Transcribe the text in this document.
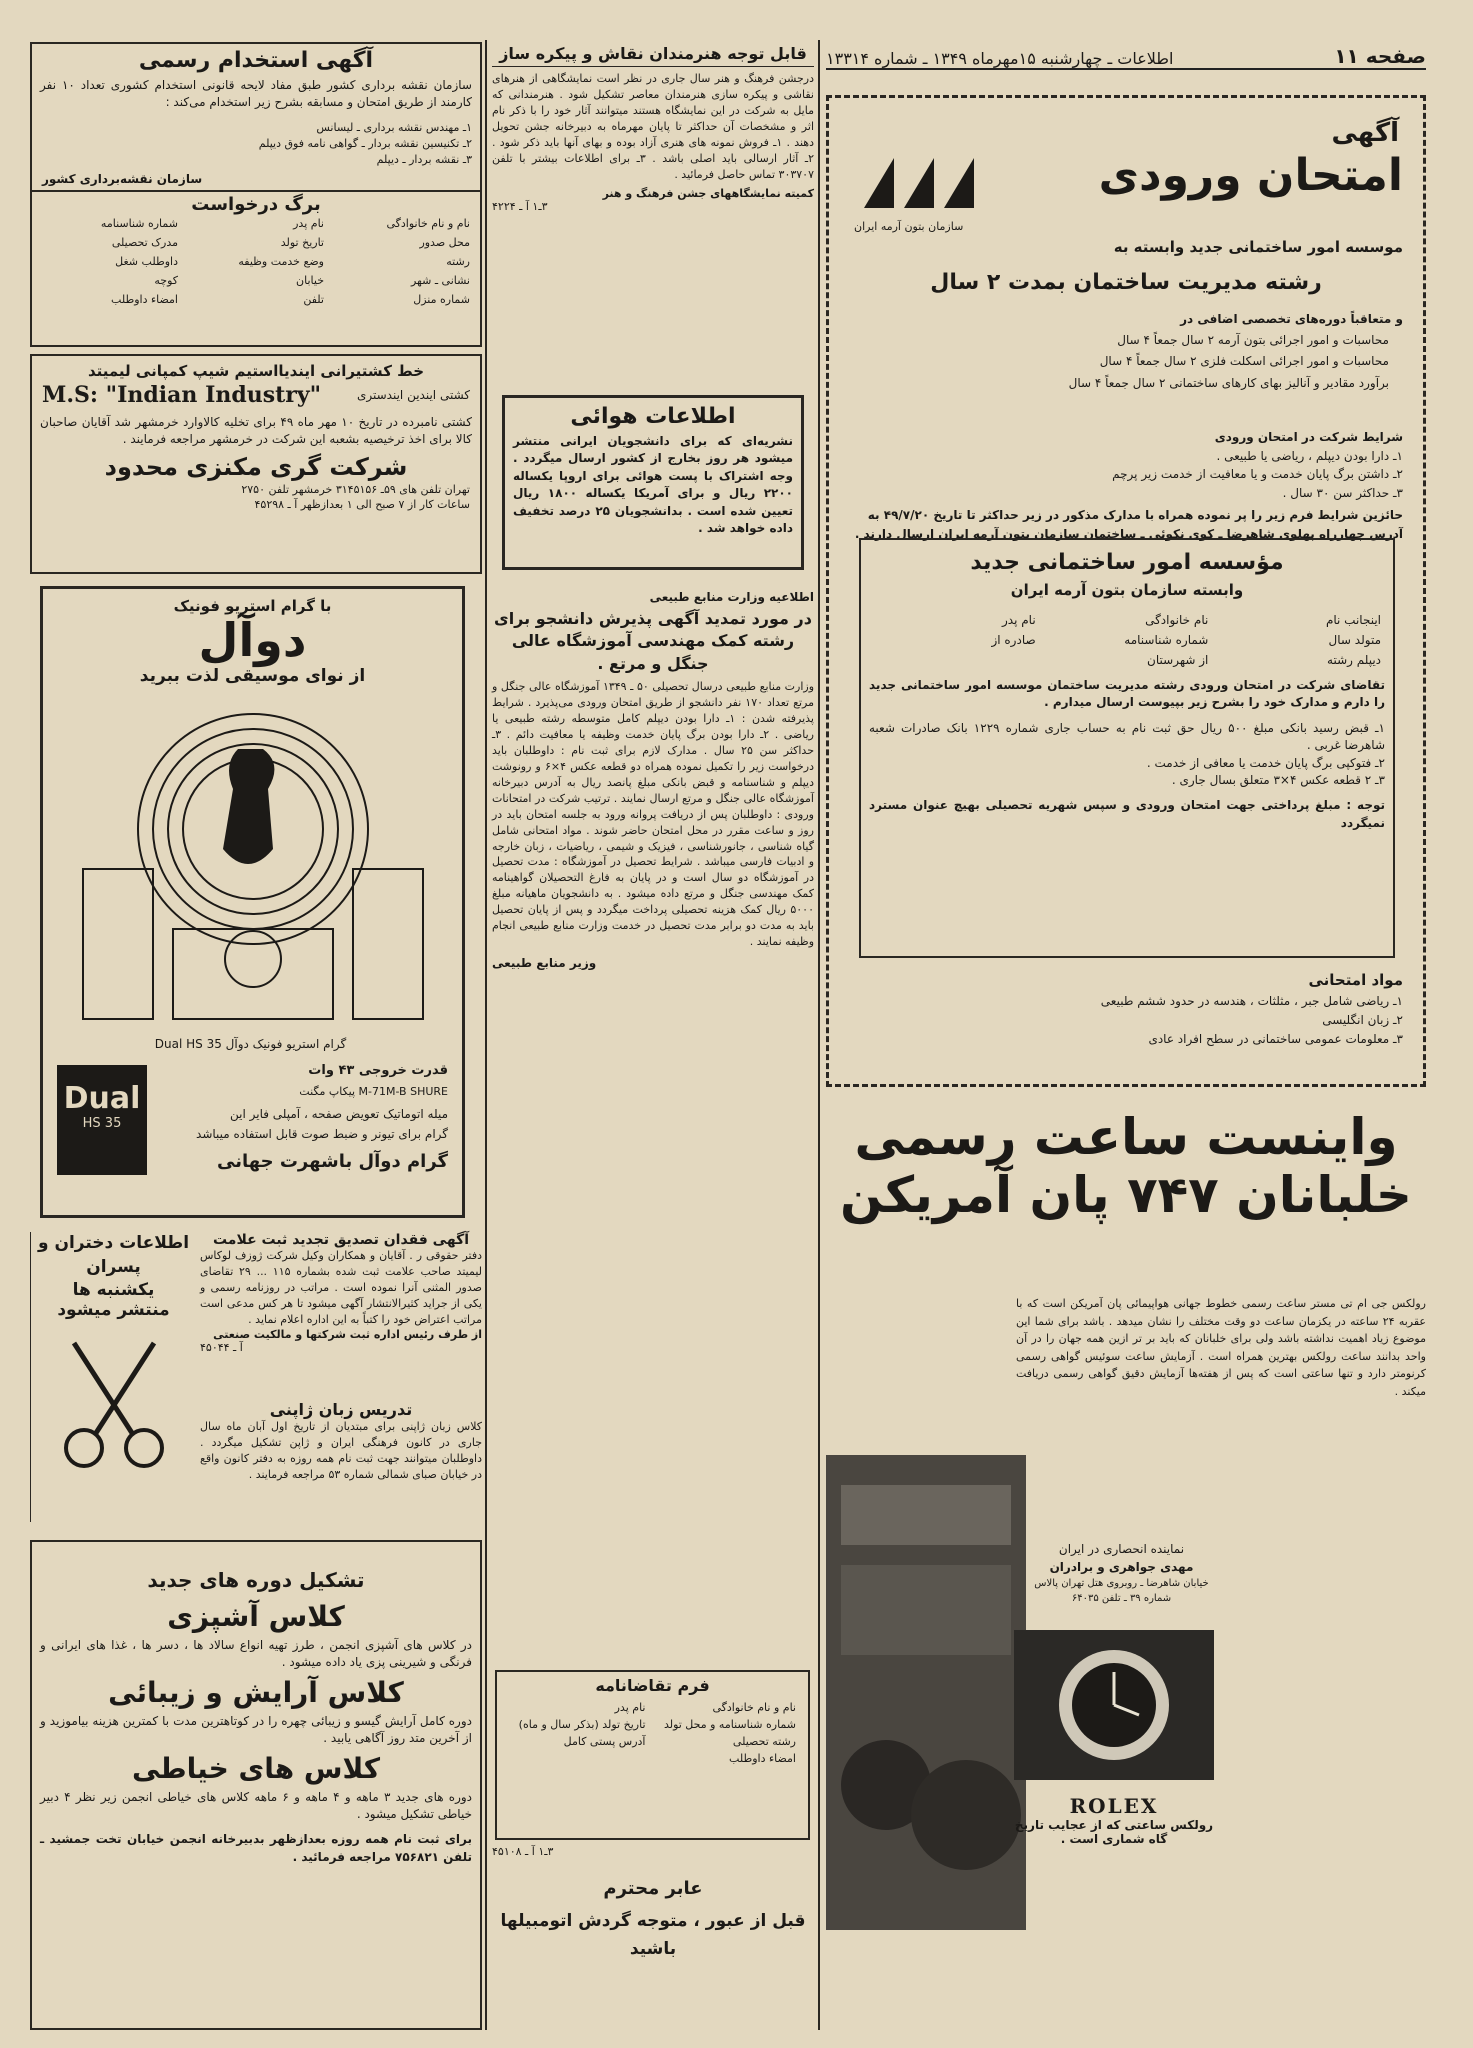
صفحه ۱۱
اطلاعات ـ چهارشنبه ۱۵مهرماه ۱۳۴۹ ـ شماره ۱۳۳۱۴
آگهی
امتحان ورودی
سازمان بتون آرمه ایران
موسسه امور ساختمانی جدید وابسته به
رشته مدیریت ساختمان بمدت ۲ سال
و متعاقباً دوره‌های تخصصی اضافی در
محاسبات و امور اجرائی بتون آرمه ۲ سال جمعاً ۴ سال
محاسبات و امور اجرائی اسکلت فلزی ۲ سال جمعاً ۴ سال
برآورد مقادیر و آنالیز بهای کارهای ساختمانی ۲ سال جمعاً ۴ سال
شرایط شرکت در امتحان ورودی
۱ـ دارا بودن دیپلم ، ریاضی یا طبیعی .
۲ـ داشتن برگ پایان خدمت و یا معافیت از خدمت زیر پرچم
۳ـ حداکثر سن ۳۰ سال .
حائزین شرایط فرم زیر را پر نموده همراه با مدارک مذکور در زیر حداکثر تا تاریخ ۴۹/۷/۲۰ به آدرس چهارراه پهلوی شاهرضا ـ کوی نکوئی ـ ساختمان سازمان بتون آرمه ایران ارسال دارند .
مؤسسه امور ساختمانی جدید
وابسته سازمان بتون آرمه ایران
اینجانب نام
نام خانوادگی
نام پدر
متولد سال
شماره شناسنامه
صادره از
دیپلم رشته
از شهرستان
تقاضای شرکت در امتحان ورودی رشته مدیریت ساختمان موسسه امور ساختمانی جدید را دارم و مدارک خود را بشرح زیر بپیوست ارسال میدارم .
۱ـ قبض رسید بانکی مبلغ ۵۰۰ ریال حق ثبت نام به حساب جاری شماره ۱۲۲۹ بانک صادرات شعبه شاهرضا غربی .
۲ـ فتوکپی برگ پایان خدمت یا معافی از خدمت .
۳ـ ۲ قطعه عکس ۴×۳ متعلق بسال جاری .
توجه : مبلغ پرداختی جهت امتحان ورودی و سپس شهریه تحصیلی بهیچ عنوان مسترد نمیگردد
مواد امتحانی
۱ـ ریاضی شامل جبر ، مثلثات ، هندسه در حدود ششم طبیعی
۲ـ زبان انگلیسی
۳ـ معلومات عمومی ساختمانی در سطح افراد عادی
واینست ساعت رسمی
خلبانان ۷۴۷ پان آمریکن
رولکس جی ام تی مستر ساعت رسمی خطوط جهانی هواپیمائی پان آمریکن است که با عقربه ۲۴ ساعته در یکزمان ساعت دو وقت مختلف را نشان میدهد . باشد برای شما این موضوع زیاد اهمیت نداشته باشد ولی برای خلبانان که باید بر تر ازین همه جهان را در آن واحد بدانند ساعت رولکس بهترین همراه است . آزمایش ساعت سوئیس گواهی رسمی کرنومتر دارد و تنها ساعتی است که پس از هفته‌ها آزمایش دقیق گواهی رسمی دریافت میکند .
نماینده انحصاری در ایران
مهدی جواهری و برادران
خیابان شاهرضا ـ روبروی هتل تهران پالاس شماره ۳۹ ـ تلفن ۶۴۰۳۵
ROLEX
رولکس ساعتی که از عجایب تاریخ گاه شماری است .
آگهی استخدام رسمی
سازمان نقشه برداری کشور طبق مفاد لایحه قانونی استخدام کشوری تعداد ۱۰ نفر کارمند از طریق امتحان و مسابقه بشرح زیر استخدام می‌کند :
۱ـ مهندس نقشه برداری ـ لیسانس
۲ـ تکنیسین نقشه بردار ـ گواهی نامه فوق دیپلم
۳ـ نقشه بردار ـ دیپلم
سازمان نقشه‌برداری کشور
برگ درخواست
نام و نام خانوادگی
نام پدر
شماره شناسنامه
محل صدور
تاریخ تولد
مدرک تحصیلی
رشته
وضع خدمت وظیفه
داوطلب شغل
نشانی ـ شهر
خیابان
کوچه
شماره منزل
تلفن
امضاء داوطلب
خط کشتیرانی ایندیااستیم شیپ کمپانی لیمیتد
کشتی ایندین ایندستری
M.S: "Indian Industry"
کشتی نامبرده در تاریخ ۱۰ مهر ماه ۴۹ برای تخلیه کالاوارد خرمشهر شد آقایان صاحبان کالا برای اخذ ترخیصیه بشعبه این شرکت در خرمشهر مراجعه فرمایند .
شرکت گری مکنزی محدود
تهران تلفن های ۵۹ـ ۳۱۴۵۱۵۶ خرمشهر تلفن ۲۷۵۰
ساعات کار از ۷ صبح الی ۱ بعدازظهر آ ـ ۴۵۲۹۸
با گرام استریو فونیک
دوآل
از نوای موسیقی لذت ببرید
گرام استریو فونیک دوآل Dual HS 35
قدرت خروجی ۴۳ وات
M-71M-B SHURE پیکاپ مگنت
میله اتوماتیک تعویض صفحه ، آمپلی فایر این
گرام برای تیونر و ضبط صوت قابل استفاده میباشد
گرام دوآل باشهرت جهانی
Dual
HS 35
آگهی فقدان تصدیق تجدید ثبت علامت
دفتر حقوقی ر . آقایان و همکاران وکیل شرکت ژوزف لوکاس لیمیتد صاحب علامت ثبت شده بشماره ۱۱۵ ... ۲۹ تقاضای صدور المثنی آنرا نموده است . مراتب در روزنامه رسمی و یکی از جراید کثیرالانتشار آگهی میشود تا هر کس مدعی است مراتب اعتراض خود را کتباً به این اداره اعلام نماید .
از طرف رئیس اداره ثبت شرکتها و مالکیت صنعتی
آ ـ ۴۵۰۴۴
اطلاعات دختران و پسران
یکشنبه ها
منتشر میشود
تدریس زبان ژاپنی
کلاس زبان ژاپنی برای مبتدیان از تاریخ اول آبان ماه سال جاری در کانون فرهنگی ایران و ژاپن تشکیل میگردد . داوطلبان میتوانند جهت ثبت نام همه روزه به دفتر کانون واقع در خیابان صبای شمالی شماره ۵۳ مراجعه فرمایند .
تشکیل دوره های جدید
کلاس آشپزی
در کلاس های آشپزی انجمن ، طرز تهیه انواع سالاد ها ، دسر ها ، غذا های ایرانی و فرنگی و شیرینی پزی یاد داده میشود .
کلاس آرایش و زیبائی
دوره کامل آرایش گیسو و زیبائی چهره را در کوتاهترین مدت با کمترین هزینه بیاموزید و از آخرین متد روز آگاهی یابید .
کلاس های خیاطی
دوره های جدید ۳ ماهه و ۴ ماهه و ۶ ماهه کلاس های خیاطی انجمن زیر نظر ۴ دبیر خیاطی تشکیل میشود .
برای ثبت نام همه روزه بعدازظهر بدبیرخانه انجمن خیابان تخت جمشید ـ تلفن ۷۵۶۸۲۱ مراجعه فرمائید .
قابل توجه هنرمندان نقاش و پیکره ساز
درجشن فرهنگ و هنر سال جاری در نظر است نمایشگاهی از هنرهای نقاشی و پیکره سازی هنرمندان معاصر تشکیل شود . هنرمندانی که مایل به شرکت در این نمایشگاه هستند میتوانند آثار خود را با ذکر نام اثر و مشخصات آن حداکثر تا پایان مهرماه به دبیرخانه جشن تحویل دهند . ۱ـ فروش نمونه های هنری آزاد بوده و بهای آنها باید ذکر شود . ۲ـ آثار ارسالی باید اصلی باشد . ۳ـ برای اطلاعات بیشتر با تلفن ۳۰۳۷۰۷ تماس حاصل فرمائید .
کمیته نمایشگاههای جشن فرهنگ و هنر
۳ـ۱ آ ـ ۴۲۲۴
اطلاعات هوائی
نشریه‌ای که برای دانشجویان ایرانی منتشر میشود هر روز بخارج از کشور ارسال میگردد . وجه اشتراک با پست هوائی برای اروپا یکساله ۲۲۰۰ ریال و برای آمریکا یکساله ۱۸۰۰ ریال تعیین شده است . بدانشجویان ۲۵ درصد تخفیف داده خواهد شد .
اطلاعیه وزارت منابع طبیعی
در مورد تمدید آگهی پذیرش دانشجو برای رشته کمک مهندسی آموزشگاه عالی جنگل و مرتع .
وزارت منابع طبیعی درسال تحصیلی ۵۰ ـ ۱۳۴۹ آموزشگاه عالی جنگل و مرتع تعداد ۱۷۰ نفر دانشجو از طریق امتحان ورودی می‌پذیرد . شرایط پذیرفته شدن : ۱ـ دارا بودن دیپلم کامل متوسطه رشته طبیعی یا ریاضی . ۲ـ دارا بودن برگ پایان خدمت وظیفه یا معافیت دائم . ۳ـ حداکثر سن ۲۵ سال . مدارک لازم برای ثبت نام : داوطلبان باید درخواست زیر را تکمیل نموده همراه دو قطعه عکس ۴×۶ و رونوشت دیپلم و شناسنامه و قبض بانکی مبلغ پانصد ریال به آدرس دبیرخانه آموزشگاه عالی جنگل و مرتع ارسال نمایند . ترتیب شرکت در امتحانات ورودی : داوطلبان پس از دریافت پروانه ورود به جلسه امتحان باید در روز و ساعت مقرر در محل امتحان حاضر شوند . مواد امتحانی شامل گیاه شناسی ، جانورشناسی ، فیزیک و شیمی ، ریاضیات ، زبان خارجه و ادبیات فارسی میباشد . شرایط تحصیل در آموزشگاه : مدت تحصیل در آموزشگاه دو سال است و در پایان به فارغ التحصیلان گواهینامه کمک مهندسی جنگل و مرتع داده میشود . به دانشجویان ماهیانه مبلغ ۵۰۰۰ ریال کمک هزینه تحصیلی پرداخت میگردد و پس از پایان تحصیل باید به مدت دو برابر مدت تحصیل در خدمت وزارت منابع طبیعی انجام وظیفه نمایند .
وزیر منابع طبیعی
فرم تقاضانامه
نام و نام خانوادگی
نام پدر
شماره شناسنامه و محل تولد
تاریخ تولد (بذکر سال و ماه)
رشته تحصیلی
آدرس پستی کامل
امضاء داوطلب
۳ـ۱ آ ـ ۴۵۱۰۸
عابر محترم
قبل از عبور ، متوجه گردش اتومبیلها
باشید
